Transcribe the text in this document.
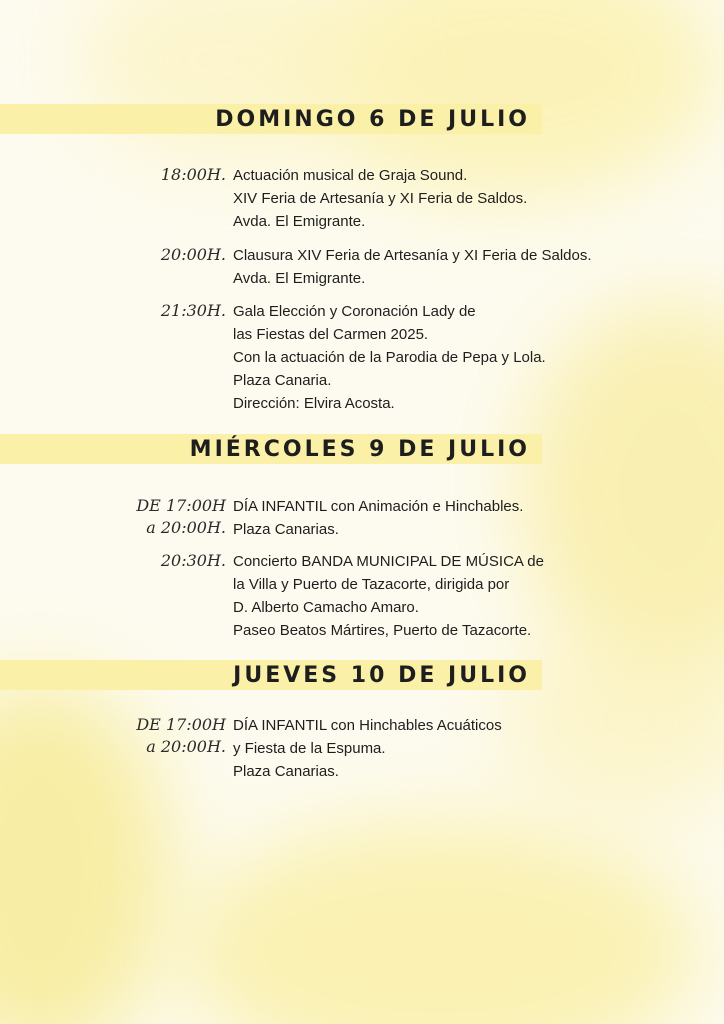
DOMINGO 6 DE JULIO
18:00H. Actuación musical de Graja Sound.
XIV Feria de Artesanía y XI Feria de Saldos.
Avda. El Emigrante.
20:00H. Clausura XIV Feria de Artesanía y XI Feria de Saldos.
Avda. El Emigrante.
21:30H. Gala Elección y Coronación Lady de
las Fiestas del Carmen 2025.
Con la actuación de la Parodia de Pepa y Lola.
Plaza Canaria.
Dirección: Elvira Acosta.
MIÉRCOLES 9 DE JULIO
DE 17:00H
a 20:00H.
DÍA INFANTIL con Animación e Hinchables.
Plaza Canarias.
20:30H. Concierto BANDA MUNICIPAL DE MÚSICA de
la Villa y Puerto de Tazacorte, dirigida por
D. Alberto Camacho Amaro.
Paseo Beatos Mártires, Puerto de Tazacorte.
JUEVES 10 DE JULIO
DE 17:00H
a 20:00H.
DÍA INFANTIL con Hinchables Acuáticos
y Fiesta de la Espuma.
Plaza Canarias.
